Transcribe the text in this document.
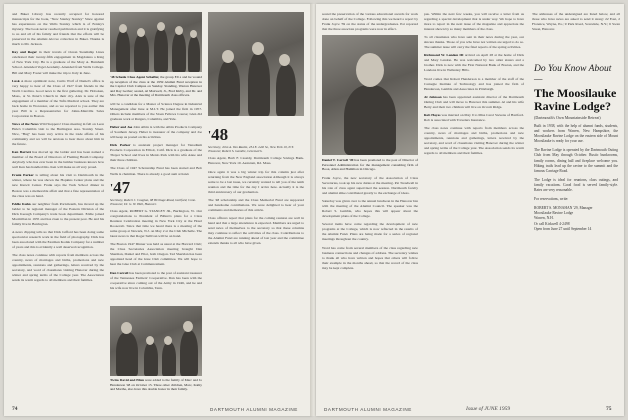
and Baker Library has recently accepted for honored manuscripts for the book, "New Stanley Stanley" Since against has experiences on the Wells Stanley which is of Fenley's mystery. The book never reached publication and it is gratifying to us and all of his family and friends that the efforts will be preserved in the Alumni Alcove collection in Baker. Thanks is much to Mr. Jackson.

Ray and Roger in their travels of Ocean Steamship Lines celebrated their twenty-fifth engagement in Magdalena a King of New York City. He is a graduate of the Mary A. Burnham School. Attended Vogel Academy. Attended from Wells College. Bill and Mary Foster will make the trip to Italy in June.

Lusk A more optimistic note, Curtis Wolf of Daniel's office is very happy to hear of the Class of 1927 from friends in the North Carolina. Good news is the first gathering. Dr. Hoboken, Mass., at St. Peter's Church in their city. Alex is sure of the engagement of a member of the Tufts Medical school. They are back home in Worcester, and as we reported to you earlier this year Bill is a Representative for Johns-Manville Sales Corporation in Boston.

News of the News Wild Steppers! Class meeting in full on Leon Hale's Columbia visit to the Burlington area. Stanley Street. Nice, "Bug" has been very active in the trade affairs of his community and we will be anxious to hear more about him in the future.

Ken Barrett has moved up the ladder and has been named a member of the Board of Directors of Fleming Heath Company. Anybody who has ever been in the lumber business knows how well Ken has handled this. Ken will make us all very proud.

Frank Parker is telling about his visit to Dartmouth in the winter, where he was shown the Hopkins Center plans and the new Kiewit Center. Frank says the Tuck School dinner in Boston was a memorable affair and that a fine representation of the class was on hand.

Eddie Kahn our neighbor from Portsmouth, has moved up the ladder to be regional manager of the Eastern Division of the Dick Keough Company's trade book department. Eddie joined Macmillan in 1935 and has risen to the present post. He and his family live in Barrington.

A news clipping tells us that Dick Gifford has been doing some spectacular research work in the field of photography. Dick has been associated with the Eastman Kodak Company for a number of years and this is evidently a well deserved recognition.

The class notes continue with reports from members across the country, news of marriages and births, promotions and new appointments, reunions and gatherings, letters received by the secretary, and word of classmates visiting Hanover during the winter and spring terms of the College year. The Association sends its warm regards to all members and their families.

'48 Schenk Class Agent Schaffer, the group Ell a and he wound up reception of the class at the 1959 Alumni Fund reception in the Capitol Club Campus on Sunday. Standing, Warren Hanover and Ray Gerber; seated, Al Maxwell, Jr., Fred Kirby, and Dr. and Mrs. Hanover at the meeting of Dartmouth class officers.

will be a candidate for a Master of Science Degree in Industrial Management after June at M.I.T. He joined the firm in 1957. Others include members of the Sloan Fellows Course; Glen did graduate work at Rutgers, Columbia, and Yale.

Heber and Joe John Albin is with the Albin Products Company of Southern Jersey. Heber is treasurer of the company and Joe will keep us posted on his activities.

Dick Parker is assistant project manager for Vanadium Products Corporation in Elliott, Calif. Dick is a graduate of the Thayer School and lives in Menlo Park with his wife Anne and their three children.

The Class of 1947 Scholarship Fund has been started and Bob Wells is chairman. There is already a good sum at hand.

'47
Secretary, Robert J. Couglan, 98 Heritage Road, Guilford, Conn. Treasurer, Dr. G. W. Hall, Hanover.

Class Agent, ROBERT G. STANLEY JR., Burlington, Vt. Our congratulations to President of Billers's plans for a Class Reunion Celebration meeting in New York City at the Hotel Roosevelt. Since that time we heard there is a meeting of the same group at Newark, N.J. on May 2 at the Club Michelle. The latest news is that Roger Sullivan will be on hand.

The Boston 1947 Dinner was held as usual at the Harvard Club; the Class Secretaries Association meeting brought Dan Sherman, Daniel and Eliot, both Oregon. Ted Sheridan has been appointed head of the Glee Club committee. We will hope to hear the Glee Club at Commencement.

Dan Carroll has been promoted to the post of assistant treasurer of the Tennessee Farmers' Cooperative. Dan has been with the cooperative since coming out of the Army in 1946, and he and his wife now live in Columbia, Tenn.

'48
Secretary, John A. Van Raalte, 234 E. 24th St., New York 10, N.Y. Treasurer, Robert S. Gamble, Greenwich.

Class Agent, Herb F. Cassidy, Dartmouth College Savings Bank. Hanover, New York 10. Assistant, Rd. Mass.

Once again it was a big winter trip for this column just after returning from the New England association Although it is always some to be a last issue, we certainly wanted to tell you of the tenth reunion and the time for the day I arrive here. Actually it is the third anniversary of our graduation.

The '48 scholarship and the Class Memorial Fund are supported and handsome contributions. We were delighted to hear of your comments and memories of this article.

Class officers report that plans for the coming reunion are well in hand and that a large attendance is expected. Members are urged to send news of themselves to the secretary so that these columns may continue to reflect the activities of the class. Contributions to the Alumni Fund are running ahead of last year and the committee extends thanks to all who have given.

Twins David and Ellen were added to the family of Marc and Jo Henderson '48 on October 15. Three other children, Marc, Kathy and Martha, also have this double honor in their family.
74	DARTMOUTH ALUMNI MAGAZINE

sound the preservation of the various educational awards for work done on behalf of the College. Following this we heard a report by Frank Joyce '39 on the status of the undergraduates. Pat reported that the three associate programs were now in effect.

Daniel T. Carroll '49 has been promoted to the post of Director of Personnel Administration for the management consulting firm of Booz, Allen and Hamilton in Chicago.

Frank Joyce, the new secretary of the Association of Class Secretaries, took up his new duties at the meeting. Pat Treadwell in his role of class agent supervised the session. Dartmouth faculty and alumni alike contributed greatly to the exchange of ideas.

Saturday was given over to the annual luncheon in the Hanover Inn with the meeting of the Alumni Council. The speaker was the Robert S. Gamble, who hopes this will appear about the development plans of the College.

Several items have come regarding the development of new programs at the College, which is now reflected in the results of the Alumni Fund. Plans are being made for a series of regional meetings throughout the country.

Word has come from several members of the class regarding new business connections and changes of address. The secretary wishes to thank all who have written and hopes that others will follow their example in the months ahead, so that the record of the class may be kept complete.

pus. Within the next few weeks, you will receive a letter from us regarding a special development that is under way. We hope to have more to report in the next issue of the magazine and appreciate the interest shown by so many members of the class.

To all classmates who have sent in their news during the year, our sincere thanks. Those of you who have not written are urged to do so. The summer issue will carry the final reports of the spring activities.

Richmond W. Landon III arrived on April 28 at the home of Dick and Mary Landon. He was welcomed by two older sisters and a brother. Dick is now with the First National Bank of Boston, and the Landons live in Wellesley Hills.

Word comes that Robert Henderson is a member of the staff of the Carnegie Institute of Technology and has joined the firm of Henderson, Gamble and Associates in Pittsburgh.

Al Johnson has been appointed assistant director of the Dartmouth Outing Club and will move to Hanover this summer. Al and his wife Betty and their two children will live on Occom Ridge.

Rob Hayes was married on May 9 to Miss Carol Stevens of Hartford. Rob is associated with Travelers Insurance.

The class notes continue with reports from members across the country, news of marriages and births, promotions and new appointments, reunions and gatherings, letters received by the secretary, and word of classmates visiting Hanover during the winter and spring terms of the College year. The Association sends its warm regards to all members and their families.

The addresses of the undersigned are listed below, and all those who have news are asked to send it along: 22 East, 2 Florence, Wayne, Pa.; 9 Park Road, Scarsdale, N.Y.; 6 Swan Street, Hanover.

Do You Know About—
The Moosilauke Ravine Lodge?
(Dartmouth's Own Mountainside Retreat)

Built in 1938, with the help of alumni funds, students, and workers from Warren, New Hampshire, the Moosilauke Ravine Lodge on the eastern side of Mount Moosilauke is ready for your use.

The Ravine Lodge is operated by the Dartmouth Outing Club from May through October. Rustic bunkrooms, family rooms, dining hall and fireplace welcome you. Hiking trails lead up the ravine to the summit and the famous Carriage Road.

The Lodge is ideal for reunions, class outings, and family vacations. Good food is served family-style. Rates are very reasonable.

For reservations, write:

ROBERT S. MONAHAN '29, Manager
Moosilauke Ravine Lodge
Warren, N.H.
Or call Kirkwell 4-2498
Open from June 27 until September 14
DARTMOUTH ALUMNI MAGAZINE	Issue of JUNE 1959	75
